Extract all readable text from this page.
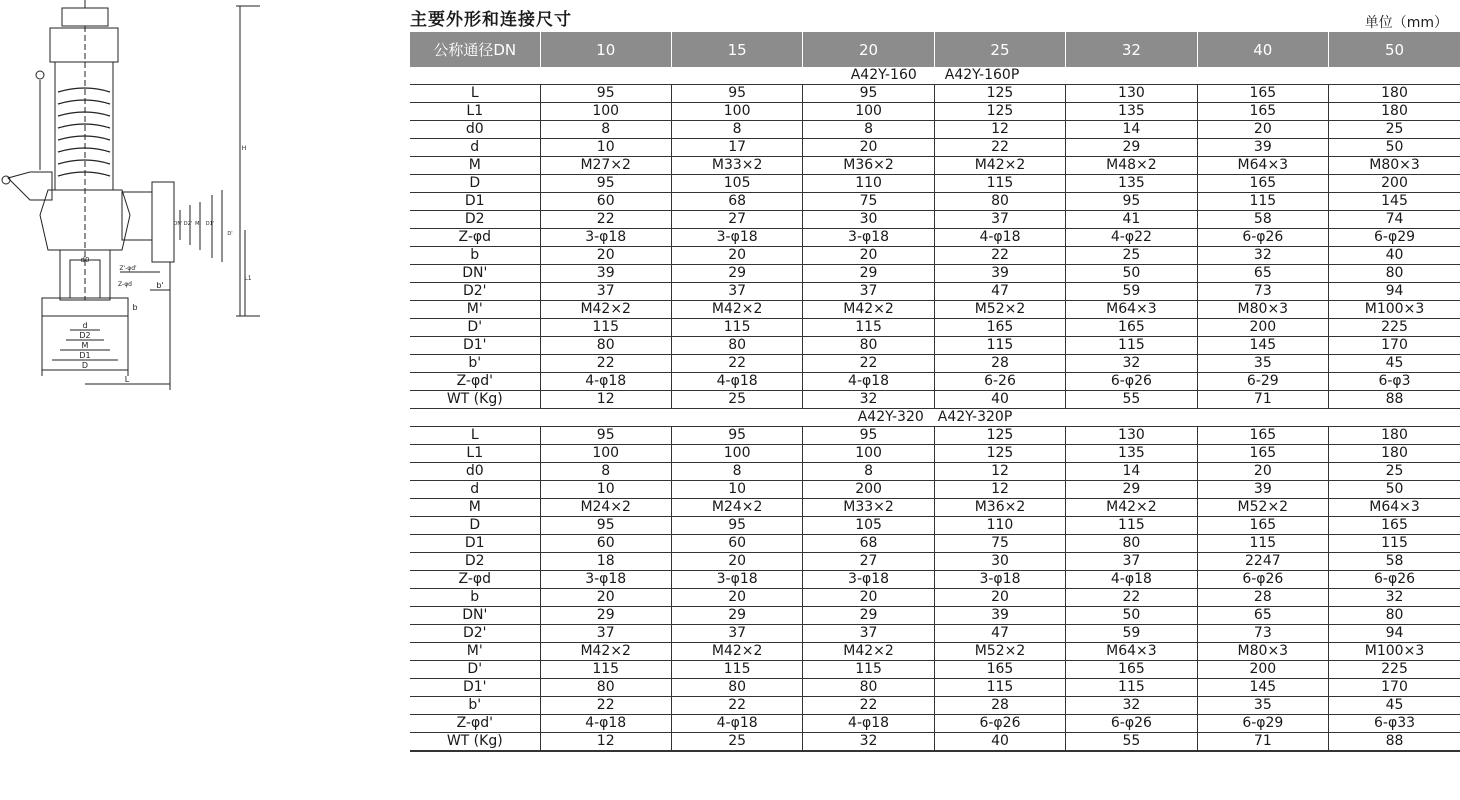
d
D2
M
D1
D
L
b
b'
Z-φd
Z'-φd'
d0
H
L1
DN' D2' M' D1'
D'
主要外形和连接尺寸	单位（mm）
公称通径DN	10	15	20	25	32	40	50
A42Y-160　　A42Y-160P							
L	95	95	95	125	130	165	180
L1	100	100	100	125	135	165	180
d0	8	8	8	12	14	20	25
d	10	17	20	22	29	39	50
M	M27×2	M33×2	M36×2	M42×2	M48×2	M64×3	M80×3
D	95	105	110	115	135	165	200
D1	60	68	75	80	95	115	145
D2	22	27	30	37	41	58	74
Z-φd	3-φ18	3-φ18	3-φ18	4-φ18	4-φ22	6-φ26	6-φ29
b	20	20	20	22	25	32	40
DN'	39	29	29	39	50	65	80
D2'	37	37	37	47	59	73	94
M'	M42×2	M42×2	M42×2	M52×2	M64×3	M80×3	M100×3
D'	115	115	115	165	165	200	225
D1'	80	80	80	115	115	145	170
b'	22	22	22	28	32	35	45
Z-φd'	4-φ18	4-φ18	4-φ18	6-26	6-φ26	6-29	6-φ3
WT (Kg)	12	25	32	40	55	71	88
A42Y-320　A42Y-320P							
L	95	95	95	125	130	165	180
L1	100	100	100	125	135	165	180
d0	8	8	8	12	14	20	25
d	10	10	200	12	29	39	50
M	M24×2	M24×2	M33×2	M36×2	M42×2	M52×2	M64×3
D	95	95	105	110	115	165	165
D1	60	60	68	75	80	115	115
D2	18	20	27	30	37	2247	58
Z-φd	3-φ18	3-φ18	3-φ18	3-φ18	4-φ18	6-φ26	6-φ26
b	20	20	20	20	22	28	32
DN'	29	29	29	39	50	65	80
D2'	37	37	37	47	59	73	94
M'	M42×2	M42×2	M42×2	M52×2	M64×3	M80×3	M100×3
D'	115	115	115	165	165	200	225
D1'	80	80	80	115	115	145	170
b'	22	22	22	28	32	35	45
Z-φd'	4-φ18	4-φ18	4-φ18	6-φ26	6-φ26	6-φ29	6-φ33
WT (Kg)	12	25	32	40	55	71	88
